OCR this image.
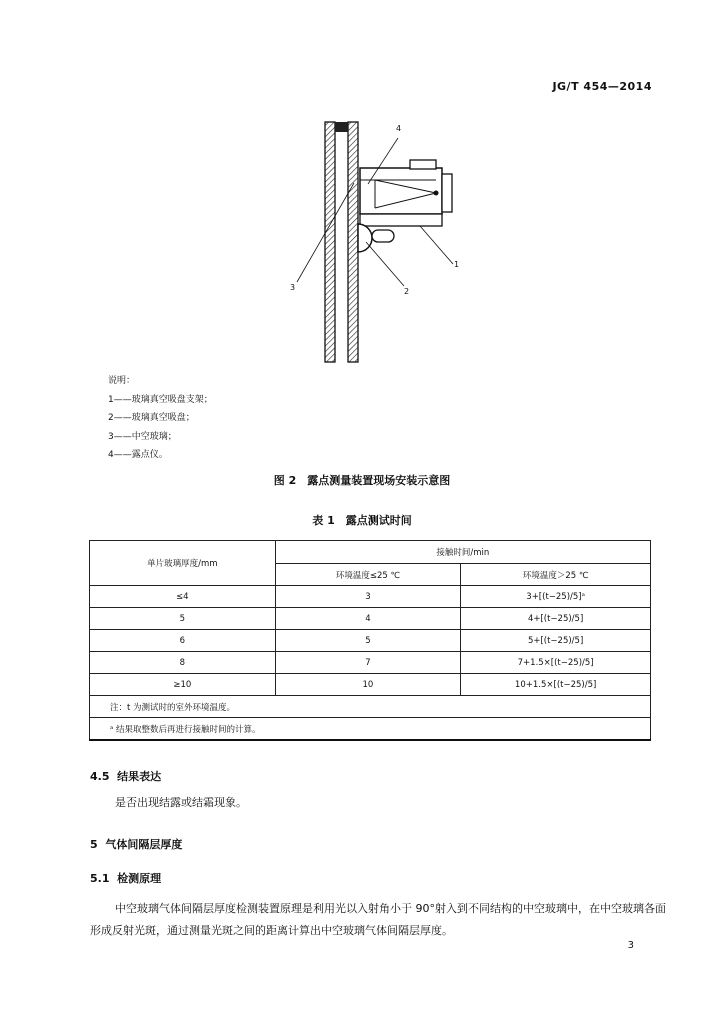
JG/T 454—2014
4
3	2
1
说明：
1——玻璃真空吸盘支架；
2——玻璃真空吸盘；
3——中空玻璃；
4——露点仪。
图 2　露点测量装置现场安装示意图
表 1　露点测试时间
单片玻璃厚度/mm	接触时间/min	
	环境温度≤25 ℃	环境温度＞25 ℃
≤4	3	3+[(t−25)/5]ᵃ
5	4	4+[(t−25)/5]
6	5	5+[(t−25)/5]
8	7	7+1.5×[(t−25)/5]
≥10	10	10+1.5×[(t−25)/5]
注：t 为测试时的室外环境温度。		
ᵃ 结果取整数后再进行接触时间的计算。		
4.5 结果表达
是否出现结露或结霜现象。
5 气体间隔层厚度
5.1 检测原理
中空玻璃气体间隔层厚度检测装置原理是利用光以入射角小于 90°射入到不同结构的中空玻璃中，在中空玻璃各面形成反射光斑，通过测量光斑之间的距离计算出中空玻璃气体间隔层厚度。
3
